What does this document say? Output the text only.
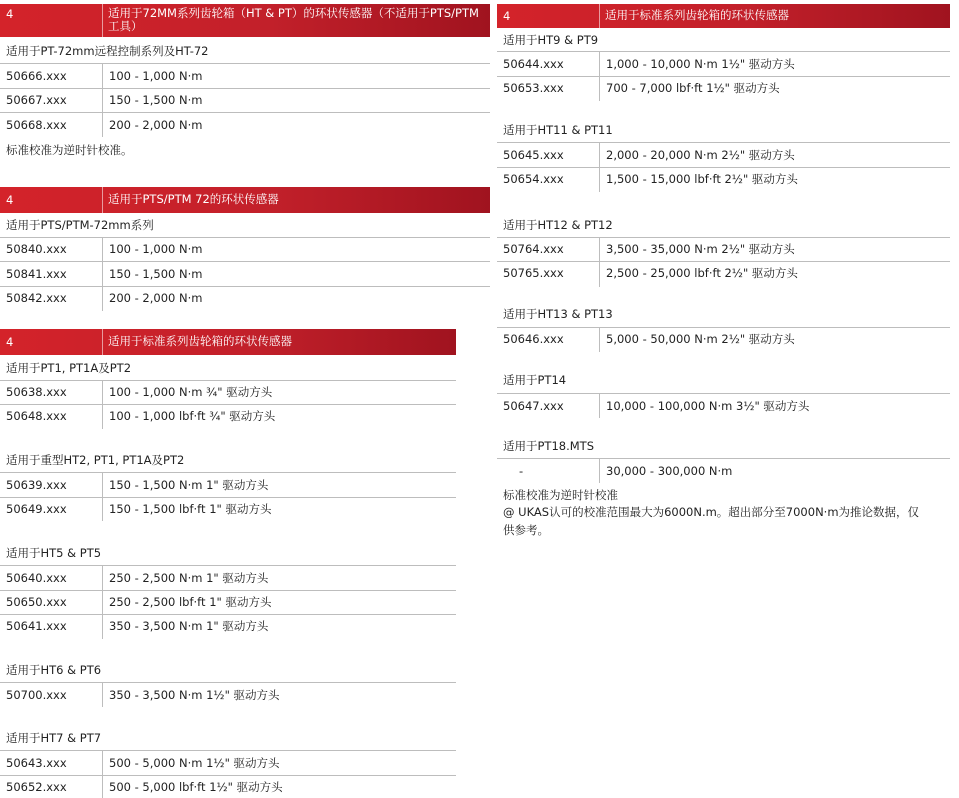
4	适用于72MM系列齿轮箱（HT & PT）的环状传感器（不适用于PTS/PTM工具）
适用于PT-72mm远程控制系列及HT-72
50666.xxx	100 - 1,000 N·m
50667.xxx	150 - 1,500 N·m
50668.xxx	200 - 2,000 N·m
标准校准为逆时针校准。
4	适用于PTS/PTM 72的环状传感器
适用于PTS/PTM-72mm系列
50840.xxx	100 - 1,000 N·m
50841.xxx	150 - 1,500 N·m
50842.xxx	200 - 2,000 N·m
4	适用于标准系列齿轮箱的环状传感器
适用于PT1, PT1A及PT2
50638.xxx	100 - 1,000 N·m ¾" 驱动方头
50648.xxx	100 - 1,000 lbf·ft ¾" 驱动方头
适用于重型HT2, PT1, PT1A及PT2
50639.xxx	150 - 1,500 N·m 1" 驱动方头
50649.xxx	150 - 1,500 lbf·ft 1" 驱动方头
适用于HT5 & PT5
50640.xxx	250 - 2,500 N·m 1" 驱动方头
50650.xxx	250 - 2,500 lbf·ft 1" 驱动方头
50641.xxx	350 - 3,500 N·m 1" 驱动方头
适用于HT6 & PT6
50700.xxx	350 - 3,500 N·m 1½" 驱动方头
适用于HT7 & PT7
50643.xxx	500 - 5,000 N·m 1½" 驱动方头
50652.xxx	500 - 5,000 lbf·ft 1½" 驱动方头
4	适用于标准系列齿轮箱的环状传感器
适用于HT9 & PT9
50644.xxx	1,000 - 10,000 N·m 1½" 驱动方头
50653.xxx	700 - 7,000 lbf·ft 1½" 驱动方头
适用于HT11 & PT11
50645.xxx	2,000 - 20,000 N·m 2½" 驱动方头
50654.xxx	1,500 - 15,000 lbf·ft 2½" 驱动方头
适用于HT12 & PT12
50764.xxx	3,500 - 35,000 N·m 2½" 驱动方头
50765.xxx	2,500 - 25,000 lbf·ft 2½" 驱动方头
适用于HT13 & PT13
50646.xxx	5,000 - 50,000 N·m 2½" 驱动方头
适用于PT14
50647.xxx	10,000 - 100,000 N·m 3½" 驱动方头
适用于PT18.MTS
-	30,000 - 300,000 N·m
标准校准为逆时针校准
@ UKAS认可的校准范围最大为6000N.m。超出部分至7000N·m为推论数据，仅
供参考。
